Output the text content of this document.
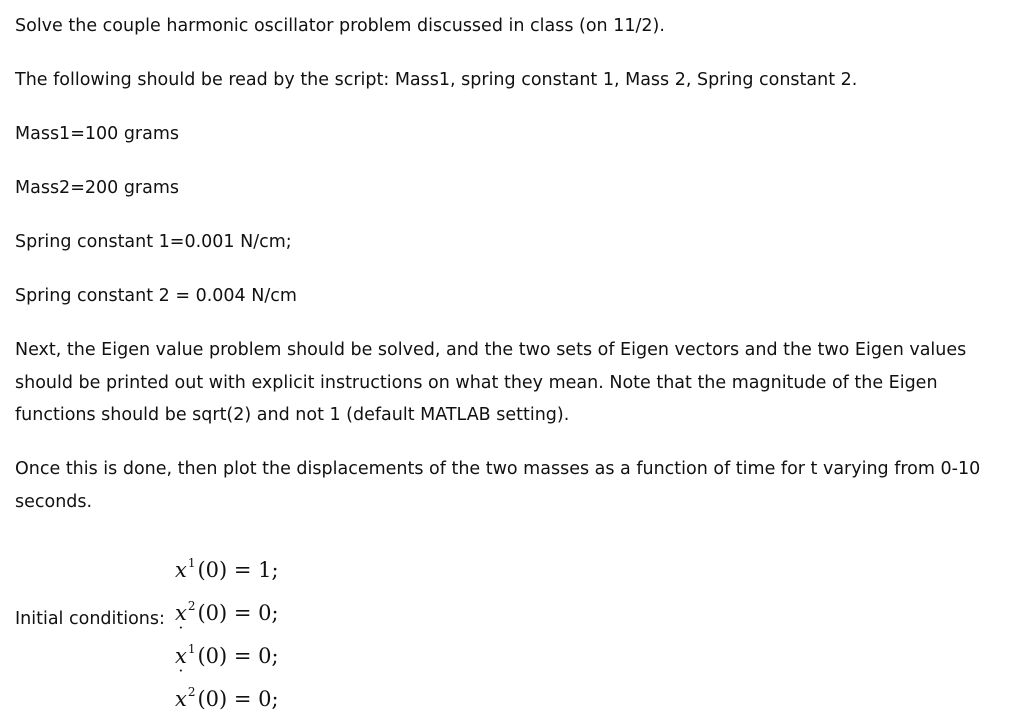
Solve the couple harmonic oscillator problem discussed in class (on 11/2).

The following should be read by the script: Mass1, spring constant 1, Mass 2, Spring constant 2.

Mass1=100 grams

Mass2=200 grams

Spring constant 1=0.001 N/cm;

Spring constant 2 = 0.004 N/cm

Next, the Eigen value problem should be solved, and the two sets of Eigen vectors and the two Eigen values should be printed out with explicit instructions on what they mean. Note that the magnitude of the Eigen functions should be sqrt(2) and not 1 (default MATLAB setting).

Once this is done, then plot the displacements of the two masses as a function of time for t varying from 0-10 seconds.

Initial conditions:
$x^1(0) = 1$;
$x^2(0) = 0$;
˙
$x^1(0) = 0$;
˙
$x^2(0) = 0$;
